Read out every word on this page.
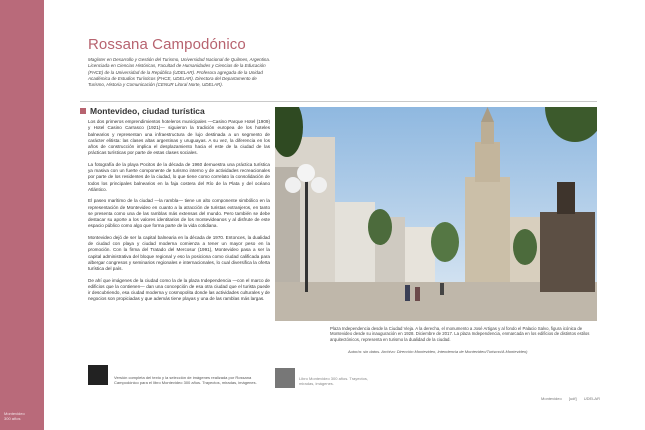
Montevideo
300 años
Rossana Campodónico
Magíster en Desarrollo y Gestión del Turismo, Universidad Nacional de Quilmes, Argentina. Licenciada en Ciencias Históricas, Facultad de Humanidades y Ciencias de la Educación (FHCE) de la Universidad de la República (UDELAR). Profesora agregada de la Unidad Académica de Estudios Turísticos (FHCE, UDELAR). Directora del Departamento de Turismo, Historia y Comunicación (CENUR Litoral Norte, UDELAR).
Montevideo, ciudad turística

Los dos primeros emprendimientos hoteleros municipales —Casino Parque Hotel (1909) y Hotel Casino Carrasco (1921)— siguieron la tradición europea de los hoteles balnearios y representan una infraestructura de lujo destinada a un segmento de carácter elitista: las clases altas argentinas y uruguayas. A su vez, la diferencia en los años de construcción implica el desplazamiento hacia el este de la ciudad de las prácticas turísticas por parte de estas clases sociales.

La fotografía de la playa Pocitos de la década de 1960 demuestra una práctica turística ya masiva con un fuerte componente de turismo interno y de actividades recreacionales por parte de los residentes de la ciudad, lo que tiene como correlato la consolidación de todos los principales balnearios en la faja costera del Río de la Plata y del océano Atlántico.

El paseo marítimo de la ciudad —la rambla— tiene un alto componente simbólico en la representación de Montevideo en cuanto a la atracción de turistas extranjeros, en tanto se presenta como una de las ramblas más extensas del mundo. Pero también se debe destacar su aporte a los valores identitarios de los montevideanos y al disfrute de este espacio público como algo que forma parte de la vida cotidiana.

Montevideo dejó de ser la capital balnearia en la década de 1970. Entonces, la dualidad de ciudad con playa y ciudad moderna comienza a tener un mayor peso en la promoción. Con la firma del Tratado del Mercosur (1991), Montevideo pasa a ser la capital administrativa del bloque regional y eso la posiciona como ciudad calificada para albergar congresos y seminarios regionales e internacionales, lo cual diversifica la oferta turística del país.

De ahí que imágenes de la ciudad como la de la plaza Independencia —con el marco de edificios que la contienen— dan una concepción de esa otra ciudad que el turista puede ir descubriendo, esa ciudad moderna y cosmopolita donde las actividades culturales y de negocios son propiciadas y que además tiene playas y una de las ramblas más largas.

Plaza Independencia desde la Ciudad Vieja. A la derecha, el monumento a José Artigas y al fondo el Palacio Salvo, figura icónica de Montevideo desde su inauguración en 1928. Diciembre de 2017. La plaza Independencia, enmarcada en los edificios de distintos estilos arquitectónicos, representa en turismo la dualidad de la ciudad.
Autor/a: sin datos. Archivo: Dirección Montevideo, Intendencia de Montevideo/Turismo/A Montevideo)
Versión completa del texto y la selección de imágenes realizada por Rossana Campodónico para el libro Montevideo 300 años. Trayectos, miradas, imágenes.
Libro Montevideo 300 años. Trayectos, miradas, imágenes.
Montevideo [udf] UDELAR
